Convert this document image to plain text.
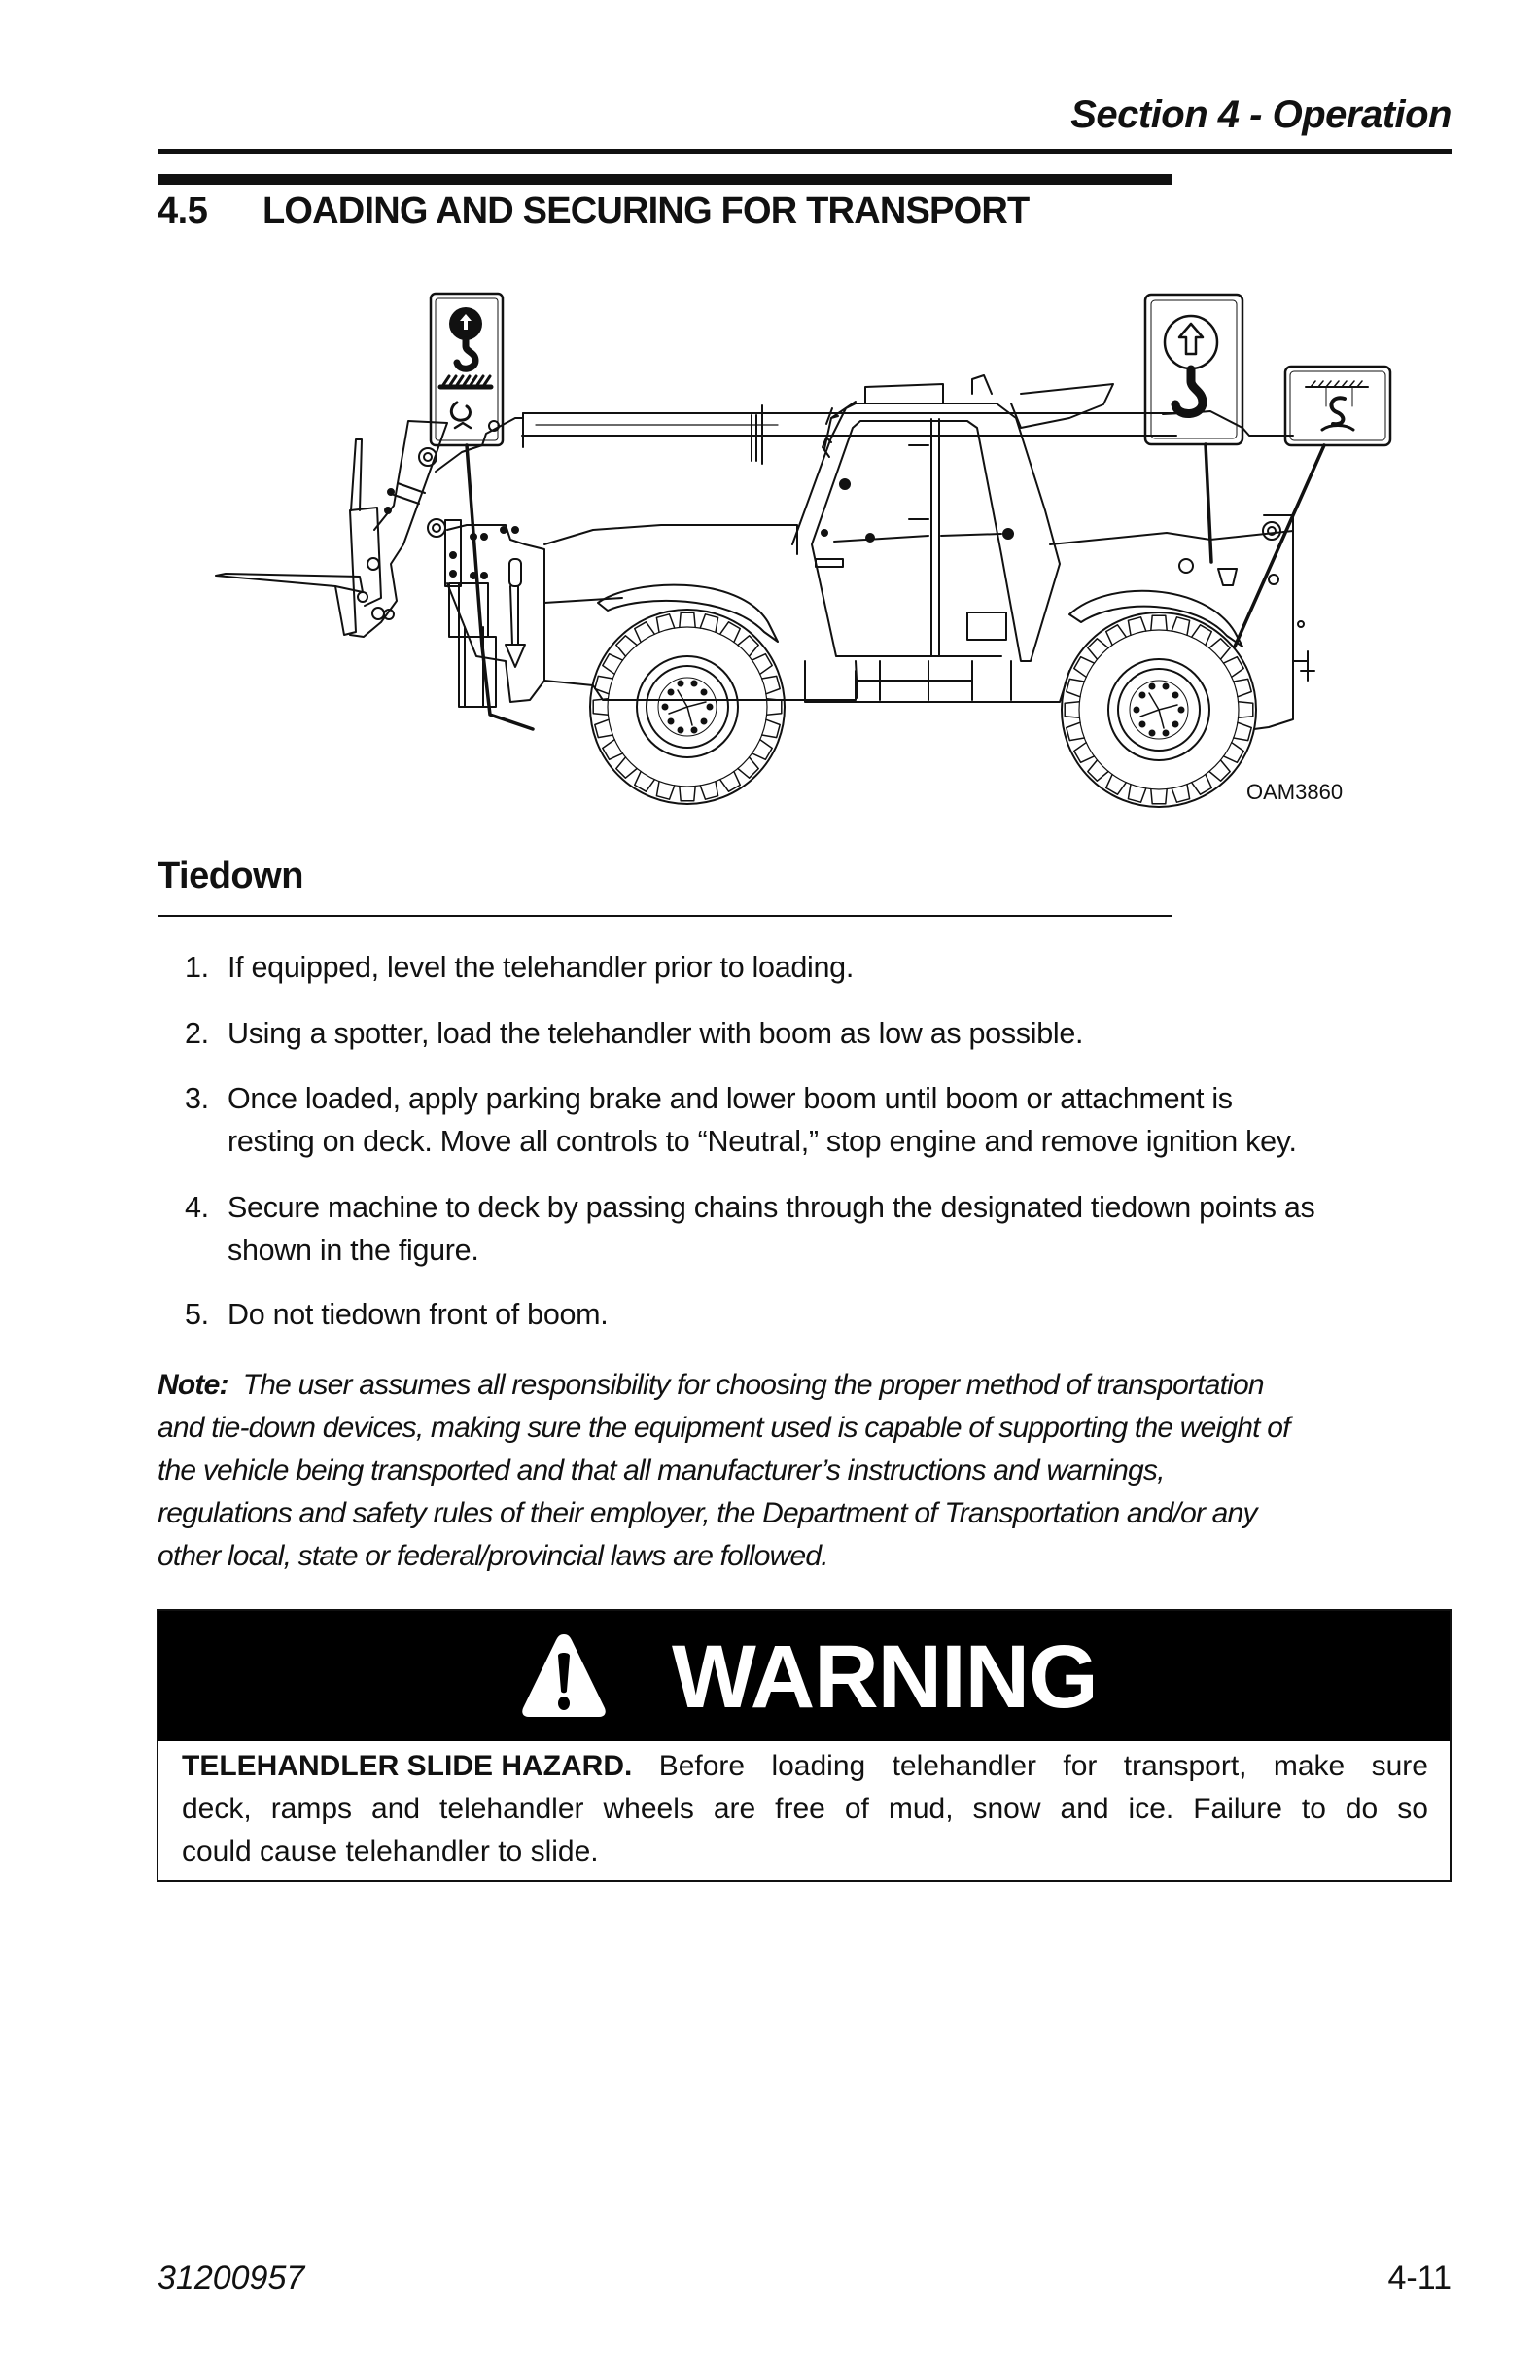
Section 4 - Operation
4.5 LOADING AND SECURING FOR TRANSPORT
OAM3860
Tiedown
1. If equipped, level the telehandler prior to loading.
2. Using a spotter, load the telehandler with boom as low as possible.
3. Once loaded, apply parking brake and lower boom until boom or attachment is
resting on deck. Move all controls to “Neutral,” stop engine and remove ignition key.
4. Secure machine to deck by passing chains through the designated tiedown points as
shown in the figure.
5. Do not tiedown front of boom.
Note: The user assumes all responsibility for choosing the proper method of transportation
and tie-down devices, making sure the equipment used is capable of supporting the weight of
the vehicle being transported and that all manufacturer’s instructions and warnings,
regulations and safety rules of their employer, the Department of Transportation and/or any
other local, state or federal/provincial laws are followed.
WARNING
TELEHANDLER SLIDE HAZARD. Before loading telehandler for transport, make sure
deck, ramps and telehandler wheels are free of mud, snow and ice. Failure to do so
could cause telehandler to slide.
31200957	4-11
